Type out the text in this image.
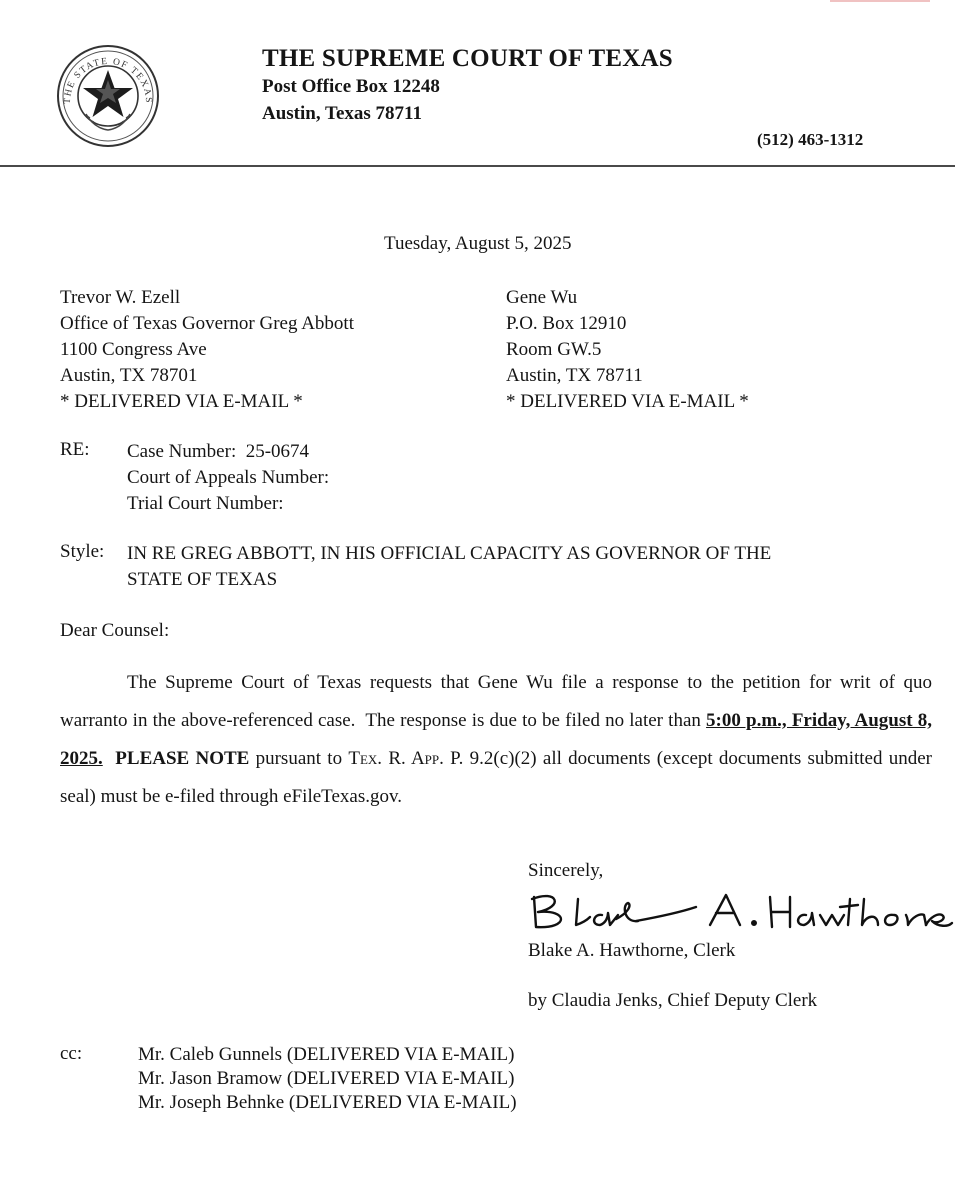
THE STATE OF TEXAS
THE SUPREME COURT OF TEXAS
Post Office Box 12248
Austin, Texas 78711
(512) 463-1312
Tuesday, August 5, 2025
Trevor W. Ezell
Office of Texas Governor Greg Abbott
1100 Congress Ave
Austin, TX 78701
* DELIVERED VIA E-MAIL *
Gene Wu
P.O. Box 12910
Room GW.5
Austin, TX 78711
* DELIVERED VIA E-MAIL *
RE: Case Number:  25-0674
Court of Appeals Number:
Trial Court Number:
Style: IN RE GREG ABBOTT, IN HIS OFFICIAL CAPACITY AS GOVERNOR OF THE
STATE OF TEXAS
Dear Counsel:
The Supreme Court of Texas requests that Gene Wu file a response to the petition for writ of quo warranto in the above-referenced case.  The response is due to be filed no later than 5:00 p.m., Friday, August 8, 2025. PLEASE NOTE pursuant to Tex. R. App. P. 9.2(c)(2) all documents (except documents submitted under seal) must be e-filed through eFileTexas.gov.
Sincerely,
Blake A. Hawthorne, Clerk
by Claudia Jenks, Chief Deputy Clerk
cc:	Mr. Caleb Gunnels (DELIVERED VIA E-MAIL)
Mr. Jason Bramow (DELIVERED VIA E-MAIL)
Mr. Joseph Behnke (DELIVERED VIA E-MAIL)
